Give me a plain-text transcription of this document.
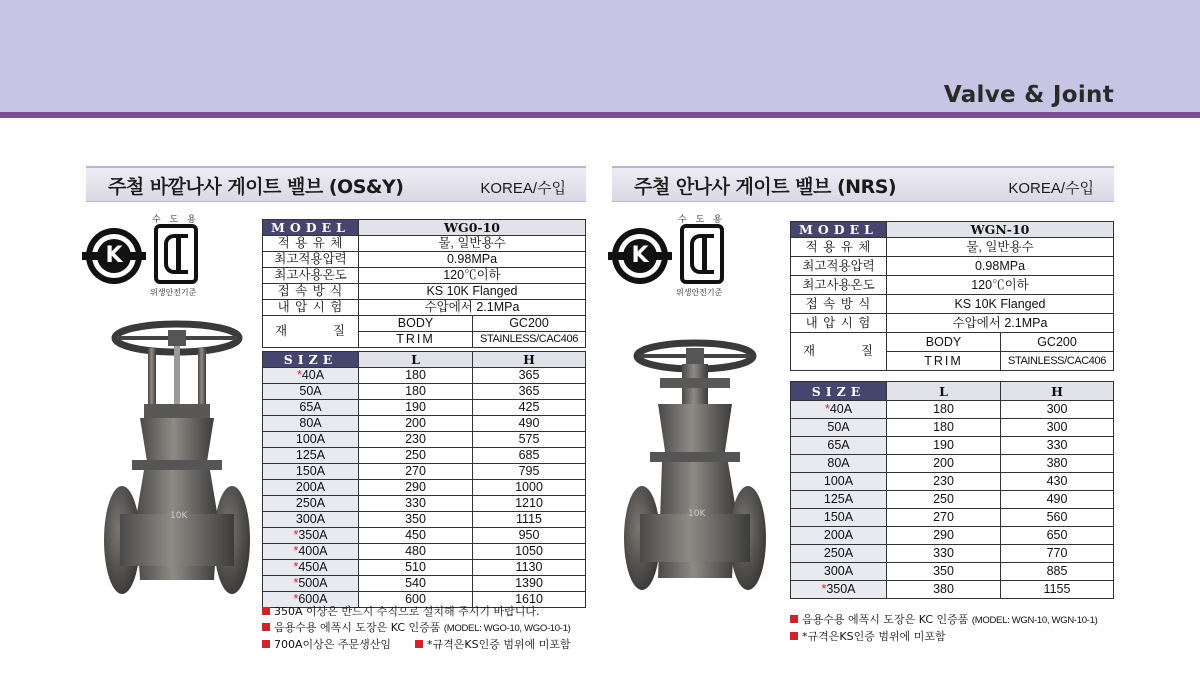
Valve & Joint
주철 바깥나사 게이트 밸브 (OS&Y)	KOREA/수입
K
수 도 용
위생안전기준
10K
MODEL	WG0-10	
적 용 유 체	물, 일반용수	
최고적용압력	0.98MPa	
최고사용온도	120℃이하	
접 속 방 식	KS 10K Flanged	
내 압 시 험	수압에서 2.1MPa	
재          질	BODY	GC200
	TRIM	STAINLESS/CAC406
SIZE	L	H
*40A	180	365
50A	180	365
65A	190	425
80A	200	490
100A	230	575
125A	250	685
150A	270	795
200A	290	1000
250A	330	1210
300A	350	1115
*350A	450	950
*400A	480	1050
*450A	510	1130
*500A	540	1390
*600A	600	1610
350A 이상은 반드시 수직으로 설치해 주시기 바랍니다.
음용수용 에폭시 도장은 KC 인증품 (MODEL: WGO-10, WGO-10-1)
700A이상은 주문생산임	*규격은KS인증 범위에 미포함
주철 안나사 게이트 밸브 (NRS)	KOREA/수입
K
수 도 용
위생안전기준
10K
MODEL	WGN-10	
적 용 유 체	물, 일반용수	
최고적용압력	0.98MPa	
최고사용온도	120℃이하	
접 속 방 식	KS 10K Flanged	
내 압 시 험	수압에서 2.1MPa	
재          질	BODY	GC200
	TRIM	STAINLESS/CAC406
SIZE	L	H
*40A	180	300
50A	180	300
65A	190	330
80A	200	380
100A	230	430
125A	250	490
150A	270	560
200A	290	650
250A	330	770
300A	350	885
*350A	380	1155
음용수용 에폭시 도장은 KC 인증품 (MODEL: WGN-10, WGN-10-1)
*규격은KS인증 범위에 미포함
